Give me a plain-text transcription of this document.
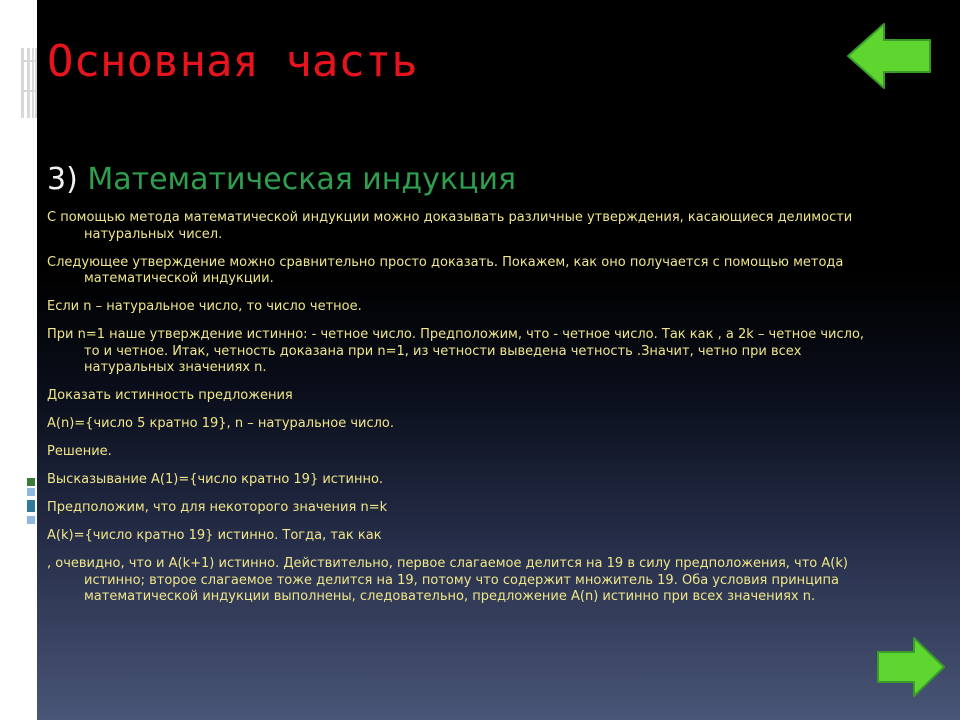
Основная часть
3) Математическая индукция

С помощью метода математической индукции можно доказывать различные утверждения, касающиеся делимости натуральных чисел.

Следующее утверждение можно сравнительно просто доказать. Покажем, как оно получается с помощью метода математической индукции.

Если n – натуральное число, то число четное.

При n=1 наше утверждение истинно: - четное число. Предположим, что - четное число. Так как , а 2k – четное число, то и четное. Итак, четность доказана при n=1, из четности выведена четность .Значит, четно при всех натуральных значениях n.

Доказать истинность предложения

A(n)={число 5 кратно 19}, n – натуральное число.

Решение.

Высказывание A(1)={число кратно 19} истинно.

Предположим, что для некоторого значения n=k

A(k)={число кратно 19} истинно. Тогда, так как

, очевидно, что и A(k+1) истинно. Действительно, первое слагаемое делится на 19 в силу предположения, что A(k) истинно; второе слагаемое тоже делится на 19, потому что содержит множитель 19. Оба условия принципа математической индукции выполнены, следовательно, предложение A(n) истинно при всех значениях n.
